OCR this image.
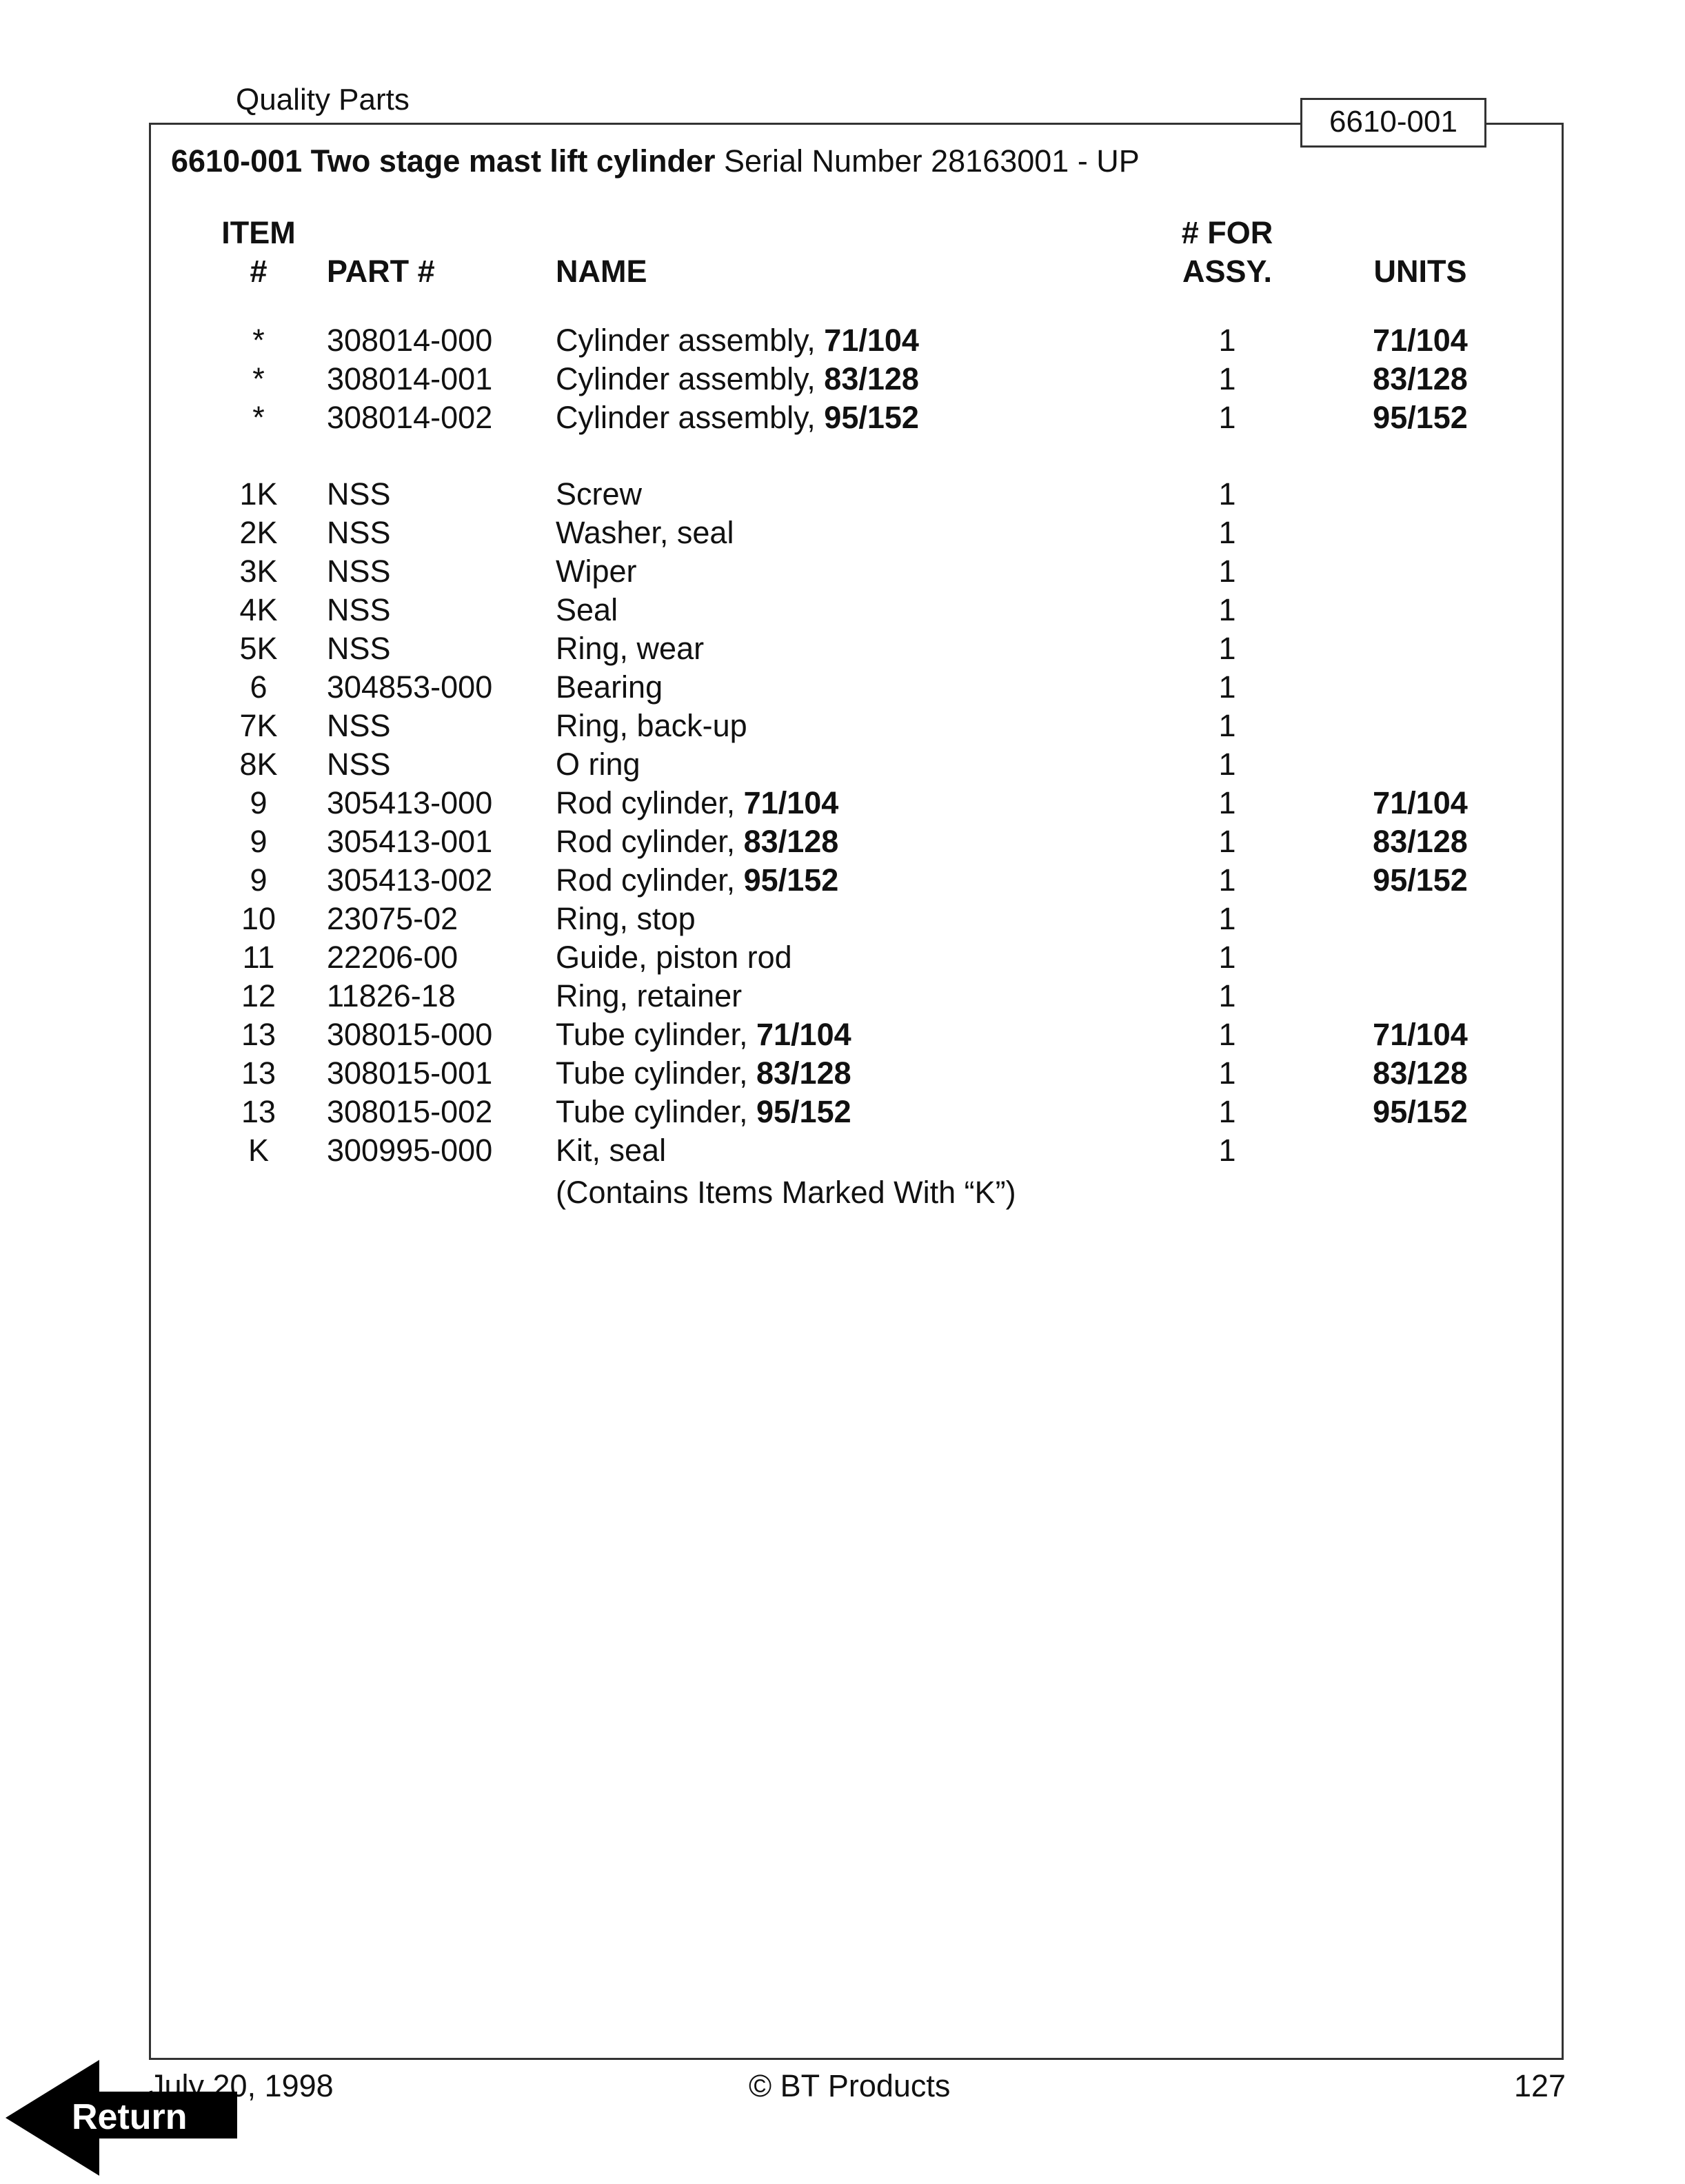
Quality Parts
6610-001
6610-001 Two stage mast lift cylinder Serial Number 28163001 - UP
ITEM
#	PART #	NAME
# FOR
ASSY.	UNITS
*	308014-000 Cylinder assembly, 71/104	1	71/104
*	308014-001 Cylinder assembly, 83/128	1	83/128
*	308014-002 Cylinder assembly, 95/152	1	95/152
1K	NSS	Screw	1
2K	NSS	Washer, seal	1
3K	NSS	Wiper	1
4K	NSS	Seal	1
5K	NSS	Ring, wear	1
6	304853-000 Bearing	1
7K	NSS	Ring, back-up	1
8K	NSS	O ring	1
9	305413-000 Rod cylinder, 71/104	1	71/104
9	305413-001 Rod cylinder, 83/128	1	83/128
9	305413-002 Rod cylinder, 95/152	1	95/152
10	23075-02	Ring, stop	1
11	22206-00	Guide, piston rod	1
12	11826-18	Ring, retainer	1
13	308015-000 Tube cylinder, 71/104	1	71/104
13	308015-001 Tube cylinder, 83/128	1	83/128
13	308015-002 Tube cylinder, 95/152	1	95/152
K	300995-000 Kit, seal	1
(Contains Items Marked With “K”)
July 20, 1998	© BT Products	127
Return
